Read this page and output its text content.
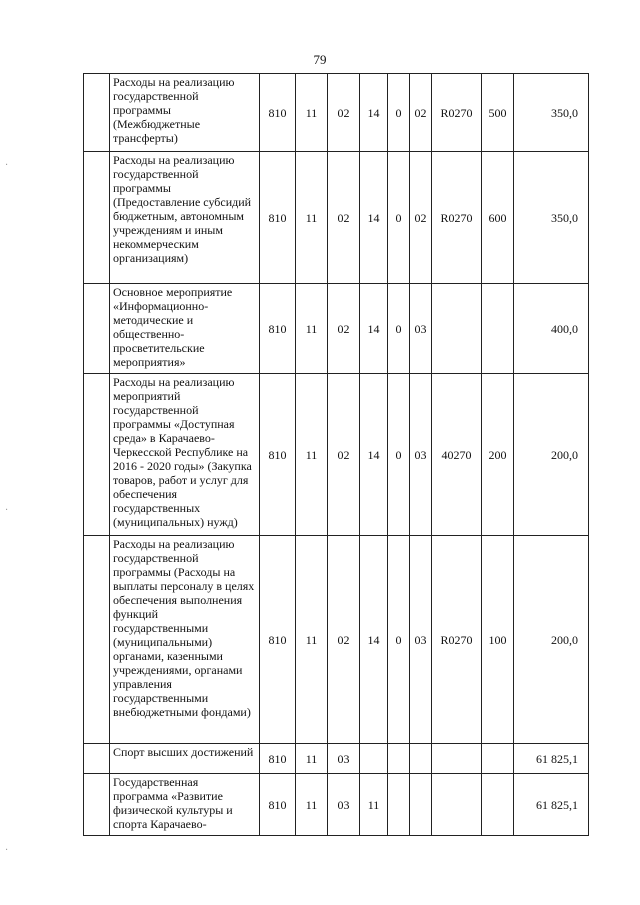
79
	Расходы на реализацию государственной программы (Межбюджетные трансферты)	810	11	02	14	0	02	R0270	500	350,0
	Расходы на реализацию государственной программы (Предоставление субсидий бюджетным, автономным учреждениям и иным некоммерческим организациям)	810	11	02	14	0	02	R0270	600	350,0
	Основное мероприятие «Информационно-методические и общественно-просветительские мероприятия»	810	11	02	14	0	03			400,0
	Расходы на реализацию мероприятий государственной программы «Доступная среда» в Карачаево-Черкесской Республике на 2016 - 2020 годы» (Закупка товаров, работ и услуг для обеспечения государственных (муниципальных) нужд)	810	11	02	14	0	03	40270	200	200,0
	Расходы на реализацию государственной программы (Расходы на выплаты персоналу в целях обеспечения выполнения функций государственными (муниципальными) органами, казенными учреждениями, органами управления государственными внебюджетными фондами)	810	11	02	14	0	03	R0270	100	200,0
	Спорт высших достижений	810	11	03						61 825,1
	Государственная программа «Развитие физической культуры и спорта Карачаево-	810	11	03	11					61 825,1
·
·
·
